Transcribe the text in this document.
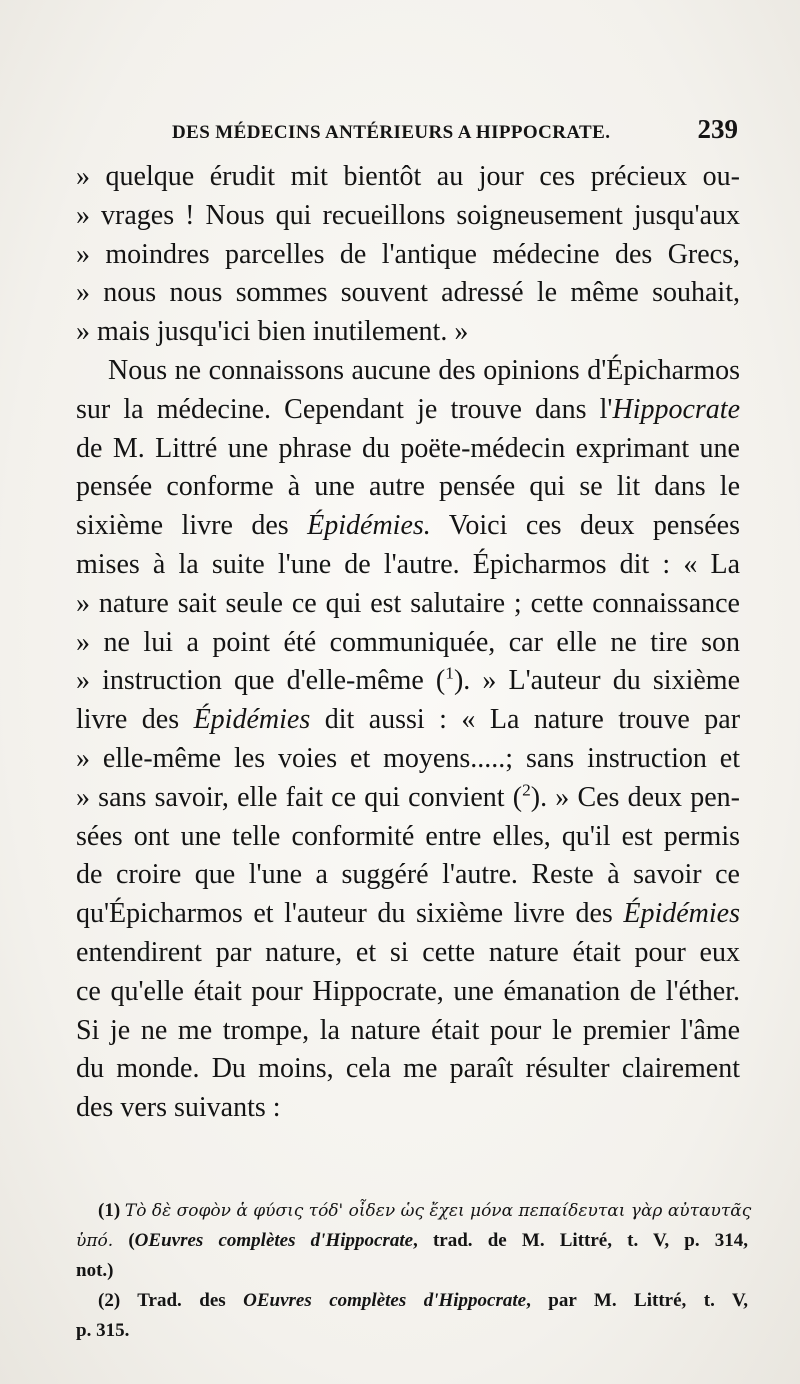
DES MÉDECINS ANTÉRIEURS A HIPPOCRATE.	239
» quelque érudit mit bientôt au jour ces précieux ou-
» vrages ! Nous qui recueillons soigneusement jusqu'aux
» moindres parcelles de l'antique médecine des Grecs,
» nous nous sommes souvent adressé le même souhait,
» mais jusqu'ici bien inutilement. »
Nous ne connaissons aucune des opinions d'Épicharmos
sur la médecine. Cependant je trouve dans l'Hippocrate
de M. Littré une phrase du poëte-médecin exprimant une
pensée conforme à une autre pensée qui se lit dans le
sixième livre des Épidémies. Voici ces deux pensées
mises à la suite l'une de l'autre. Épicharmos dit : « La
» nature sait seule ce qui est salutaire ; cette connaissance
» ne lui a point été communiquée, car elle ne tire son
» instruction que d'elle-même ($^1$). » L'auteur du sixième
livre des Épidémies dit aussi : « La nature trouve par
» elle-même les voies et moyens.....; sans instruction et
» sans savoir, elle fait ce qui convient ($^2$). » Ces deux pen-
sées ont une telle conformité entre elles, qu'il est permis
de croire que l'une a suggéré l'autre. Reste à savoir ce
qu'Épicharmos et l'auteur du sixième livre des Épidémies
entendirent par nature, et si cette nature était pour eux
ce qu'elle était pour Hippocrate, une émanation de l'éther.
Si je ne me trompe, la nature était pour le premier l'âme
du monde. Du moins, cela me paraît résulter clairement
des vers suivants :
(1) Τὸ δὲ σοφὸν ἁ φύσις τόδ' οἶδεν ὡς ἔχει μόνα πεπαίδευται γὰρ αὐταυτᾶς
ὑπό. (OEuvres complètes d'Hippocrate, trad. de M. Littré, t. V, p. 314,
not.)
(2) Trad. des OEuvres complètes d'Hippocrate, par M. Littré, t. V,
p. 315.
